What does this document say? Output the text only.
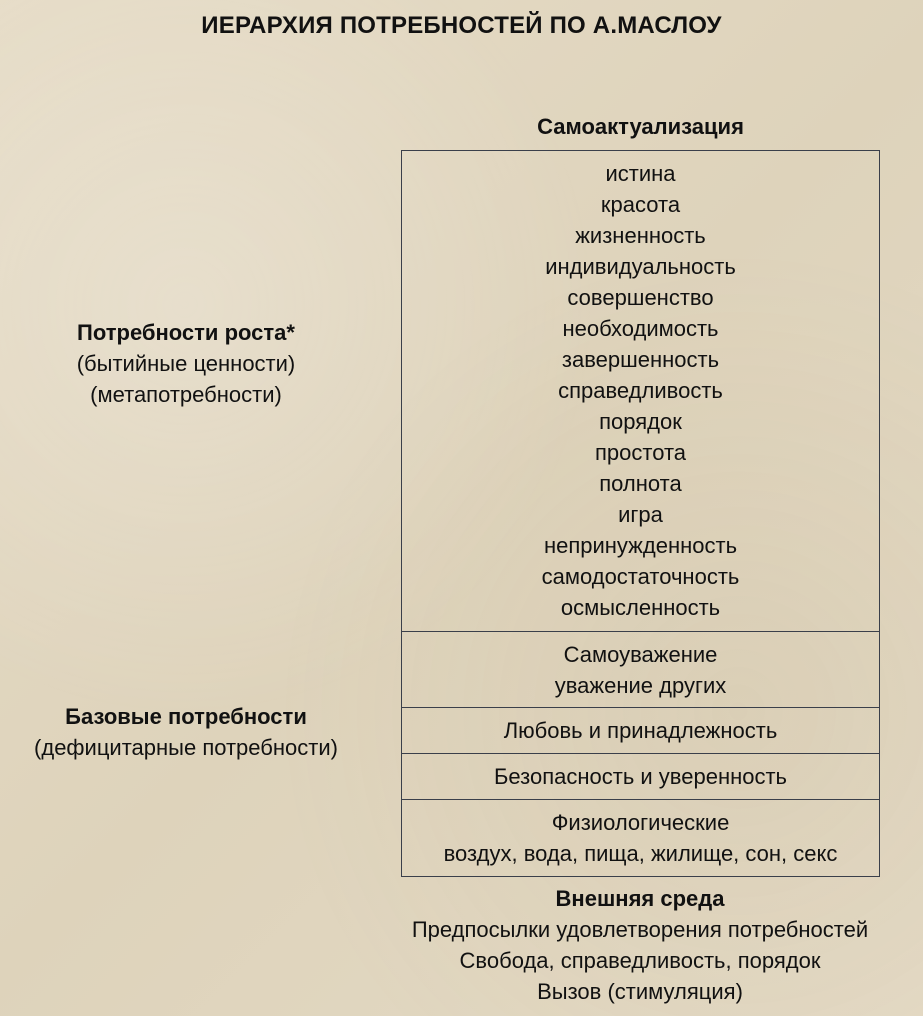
ИЕРАРХИЯ ПОТРЕБНОСТЕЙ ПО А.МАСЛОУ
Самоактуализация
истина
красота
жизненность
индивидуальность
совершенство
необходимость
завершенность
справедливость
порядок
простота
полнота
игра
непринужденность
самодостаточность
осмысленность
Самоуважение
уважение других
Любовь и принадлежность
Безопасность и уверенность
Физиологические
воздух, вода, пища, жилище, сон, секс
Потребности роста*
(бытийные ценности)
(метапотребности)
Базовые потребности
(дефицитарные потребности)
Внешняя среда
Предпосылки удовлетворения потребностей
Свобода, справедливость, порядок
Вызов (стимуляция)
